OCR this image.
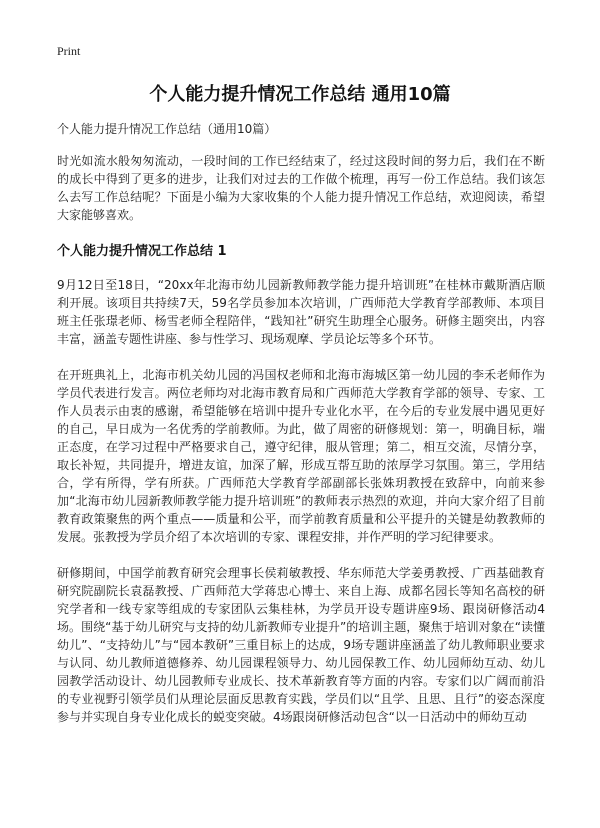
Print
个人能力提升情况工作总结 通用10篇

个人能力提升情况工作总结（通用10篇）

时光如流水般匆匆流动，一段时间的工作已经结束了，经过这段时间的努力后，我们在不断的成长中得到了更多的进步，让我们对过去的工作做个梳理，再写一份工作总结。我们该怎么去写工作总结呢？下面是小编为大家收集的个人能力提升情况工作总结，欢迎阅读，希望大家能够喜欢。

个人能力提升情况工作总结 1

9月12日至18日，“20xx年北海市幼儿园新教师教学能力提升培训班”在桂林市戴斯酒店顺利开展。该项目共持续7天，59名学员参加本次培训，广西师范大学教育学部教师、本项目班主任张璟老师、杨雪老师全程陪伴，“践知社”研究生助理全心服务。研修主题突出，内容丰富，涵盖专题性讲座、参与性学习、现场观摩、学员论坛等多个环节。

在开班典礼上，北海市机关幼儿园的冯国权老师和北海市海城区第一幼儿园的李禾老师作为学员代表进行发言。两位老师均对北海市教育局和广西师范大学教育学部的领导、专家、工作人员表示由衷的感谢，希望能够在培训中提升专业化水平，在今后的专业发展中遇见更好的自己，早日成为一名优秀的学前教师。为此，做了周密的研修规划：第一，明确目标，端正态度，在学习过程中严格要求自己，遵守纪律，服从管理；第二，相互交流，尽情分享，取长补短，共同提升，增进友谊，加深了解，形成互帮互助的浓厚学习氛围。第三，学用结合，学有所得，学有所获。广西师范大学教育学部副部长张姝玥教授在致辞中，向前来参加“北海市幼儿园新教师教学能力提升培训班”的教师表示热烈的欢迎，并向大家介绍了目前教育政策聚焦的两个重点——质量和公平，而学前教育质量和公平提升的关键是幼教教师的发展。张教授为学员介绍了本次培训的专家、课程安排，并作严明的学习纪律要求。

研修期间，中国学前教育研究会理事长侯莉敏教授、华东师范大学姜勇教授、广西基础教育研究院副院长袁磊教授、广西师范大学蒋忠心博士、来自上海、成都名园长等知名高校的研究学者和一线专家等组成的专家团队云集桂林，为学员开设专题讲座9场、跟岗研修活动4场。围绕“基于幼儿研究与支持的幼儿新教师专业提升”的培训主题，聚焦于培训对象在“读懂幼儿”、“支持幼儿”与“园本教研”三重目标上的达成，9场专题讲座涵盖了幼儿教师职业要求与认同、幼儿教师道德修养、幼儿园课程领导力、幼儿园保教工作、幼儿园师幼互动、幼儿园教学活动设计、幼儿园教师专业成长、技术革新教育等方面的内容。专家们以广阔而前沿的专业视野引领学员们从理论层面反思教育实践，学员们以“且学、且思、且行”的姿态深度参与并实现自身专业化成长的蜕变突破。4场跟岗研修活动包含“以一日活动中的师幼互动
